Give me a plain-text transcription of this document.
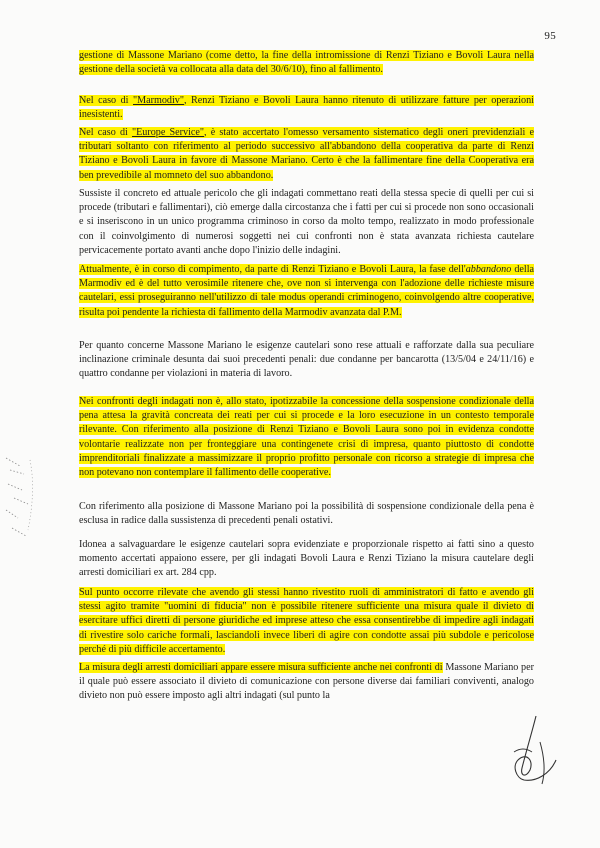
95
gestione di Massone Mariano (come detto, la fine della intromissione di Renzi Tiziano e Bovoli Laura nella gestione della società va collocata alla data del 30/6/10), fino al fallimento.
Nel caso di "Marmodiv", Renzi Tiziano e Bovoli Laura hanno ritenuto di utilizzare fatture per operazioni inesistenti.
Nel caso di "Europe Service", è stato accertato l'omesso versamento sistematico degli oneri previdenziali e tributari soltanto con riferimento al periodo successivo all'abbandono della cooperativa da parte di Renzi Tiziano e Bovoli Laura in favore di Massone Mariano. Certo è che la fallimentare fine della Cooperativa era ben prevedibile al momneto del suo abbandono.
Sussiste il concreto ed attuale pericolo che gli indagati commettano reati della stessa specie di quelli per cui si procede (tributari e fallimentari), ciò emerge dalla circostanza che i fatti per cui si procede non sono occasionali e si inseriscono in un unico programma criminoso in corso da molto tempo, realizzato in modo professionale con il coinvolgimento di numerosi soggetti nei cui confronti non è stata avanzata richiesta cautelare pervicacemente portato avanti anche dopo l'inizio delle indagini.
Attualmente, è in corso di compimento, da parte di Renzi Tiziano e Bovoli Laura, la fase dell'abbandono della Marmodiv ed è del tutto verosimile ritenere che, ove non si intervenga con l'adozione delle richieste misure cautelari, essi proseguiranno nell'utilizzo di tale modus operandi criminogeno, coinvolgendo altre cooperative, risulta poi pendente la richiesta di fallimento della Marmodiv avanzata dal P.M.
Per quanto concerne Massone Mariano le esigenze cautelari sono rese attuali e rafforzate dalla sua peculiare inclinazione criminale desunta dai suoi precedenti penali: due condanne per bancarotta (13/5/04 e 24/11/16) e quattro condanne per violazioni in materia di lavoro.
Nei confronti degli indagati non è, allo stato, ipotizzabile la concessione della sospensione condizionale della pena attesa la gravità concreata dei reati per cui si procede e la loro esecuzione in un contesto temporale rilevante. Con riferimento alla posizione di Renzi Tiziano e Bovoli Laura sono poi in evidenza condotte volontarie realizzate non per fronteggiare una contingenete crisi di impresa, quanto piuttosto di condotte imprenditoriali finalizzate a massimizzare il proprio profitto personale con ricorso a strategie di impresa che non potevano non contemplare il fallimento delle cooperative.
Con riferimento alla posizione di Massone Mariano poi la possibilità di sospensione condizionale della pena è esclusa in radice dalla sussistenza di precedenti penali ostativi.
Idonea a salvaguardare le esigenze cautelari sopra evidenziate e proporzionale rispetto ai fatti sino a questo momento accertati appaiono essere, per gli indagati Bovoli Laura e Renzi Tiziano la misura cautelare degli arresti domiciliari ex art. 284 cpp.
Sul punto occorre rilevate che avendo gli stessi hanno rivestito ruoli di amministratori di fatto e avendo gli stessi agito tramite "uomini di fiducia" non è possibile ritenere sufficiente una misura quale il divieto di esercitare uffici diretti di persone giuridiche ed imprese atteso che essa consentirebbe di impedire agli indagati di rivestire solo cariche formali, lasciandoli invece liberi di agire con condotte assai più subdole e pericolose perché di più difficile accertamento.
La misura degli arresti domiciliari appare essere misura sufficiente anche nei confronti di Massone Mariano per il quale può essere associato il divieto di comunicazione con persone diverse dai familiari conviventi, analogo divieto non può essere imposto agli altri indagati (sul punto la
